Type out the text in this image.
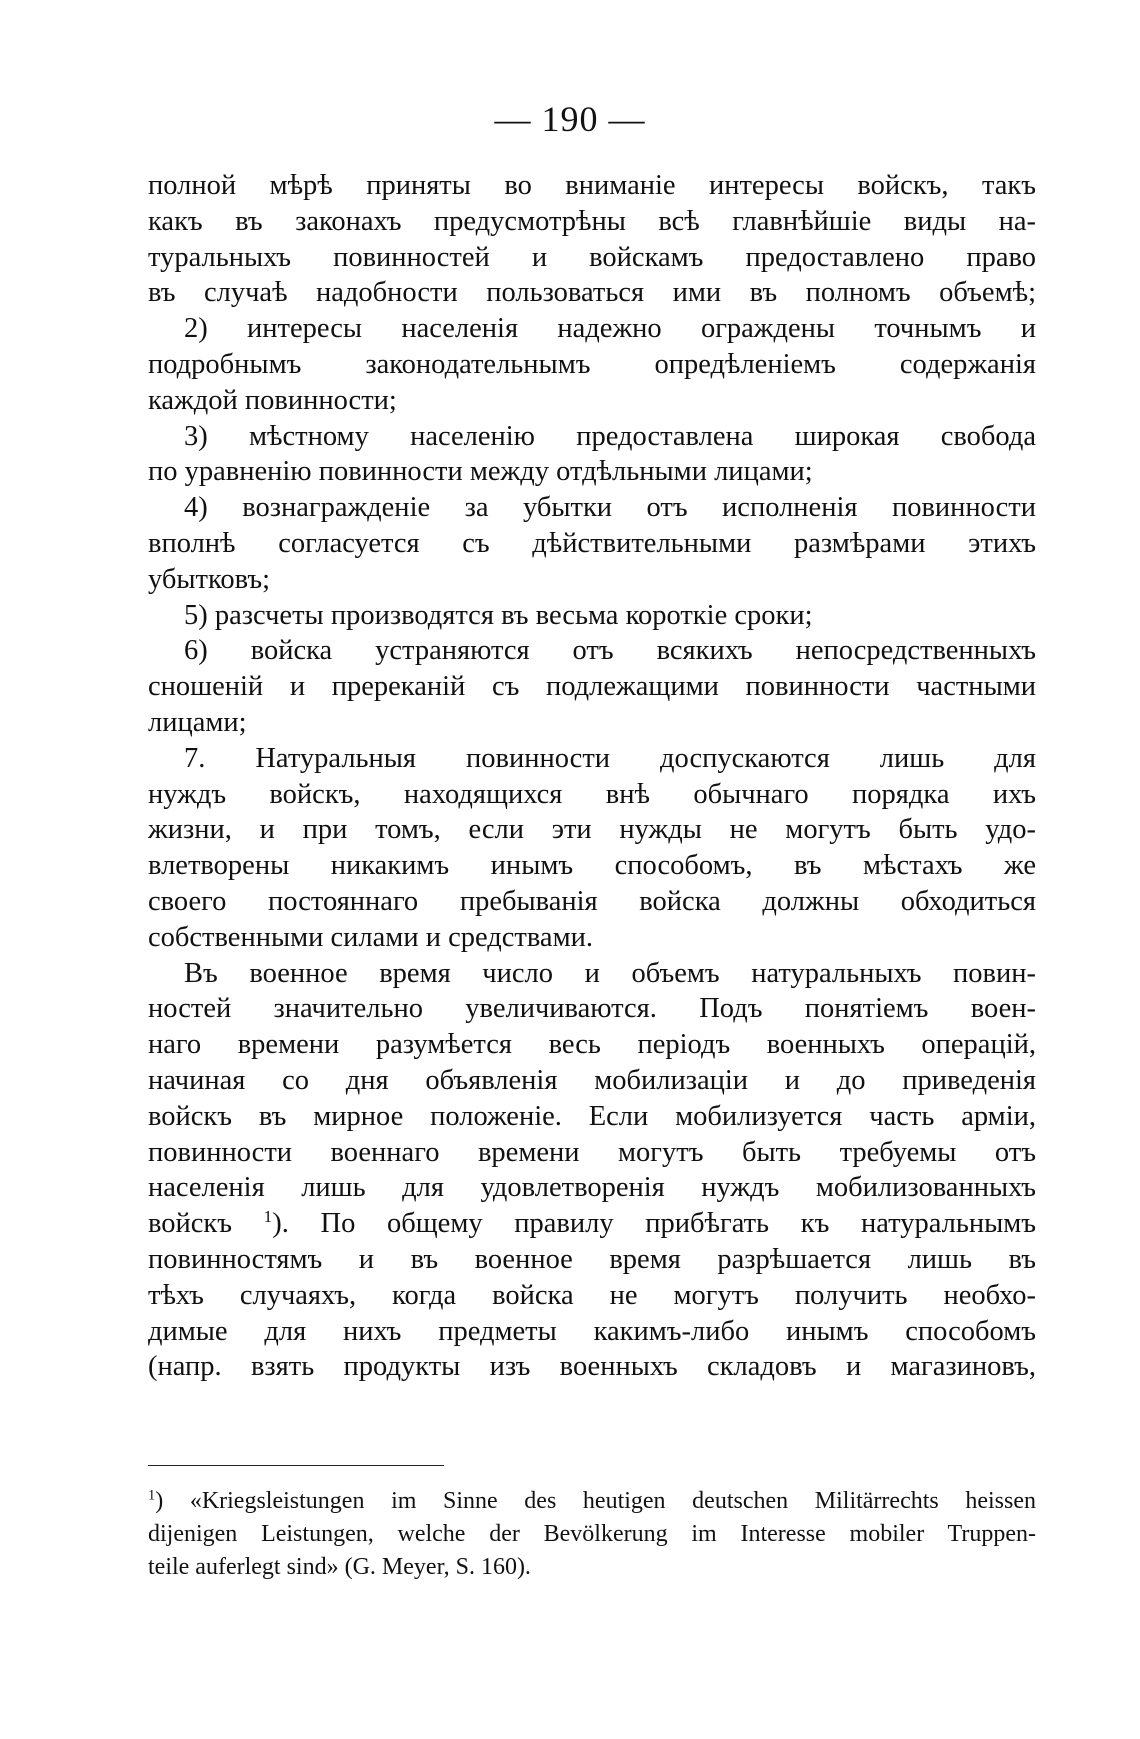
— 190 —
полной мѣрѣ приняты во вниманіе интересы войскъ, такъ
какъ въ законахъ предусмотрѣны всѣ главнѣйшіе виды на-
туральныхъ повинностей и войскамъ предоставлено право
въ случаѣ надобности пользоваться ими въ полномъ объемѣ;
2) интересы населенія надежно ограждены точнымъ и
подробнымъ законодательнымъ опредѣленіемъ содержанія
каждой повинности;
3) мѣстному населенію предоставлена широкая свобода
по уравненію повинности между отдѣльными лицами;
4) вознагражденіе за убытки отъ исполненія повинности
вполнѣ согласуется съ дѣйствительными размѣрами этихъ
убытковъ;
5) разсчеты производятся въ весьма короткіе сроки;
6) войска устраняются отъ всякихъ непосредственныхъ
сношеній и пререканій съ подлежащими повинности частными
лицами;
7. Натуральныя повинности доспускаются лишь для
нуждъ войскъ, находящихся внѣ обычнаго порядка ихъ
жизни, и при томъ, если эти нужды не могутъ быть удо-
влетворены никакимъ инымъ способомъ, въ мѣстахъ же
своего постояннаго пребыванія войска должны обходиться
собственными силами и средствами.
Въ военное время число и объемъ натуральныхъ повин-
ностей значительно увеличиваются. Подъ понятіемъ воен-
наго времени разумѣется весь періодъ военныхъ операцій,
начиная со дня объявленія мобилизаціи и до приведенія
войскъ въ мирное положеніе. Если мобилизуется часть арміи,
повинности военнаго времени могутъ быть требуемы отъ
населенія лишь для удовлетворенія нуждъ мобилизованныхъ
войскъ $^1$). По общему правилу прибѣгать къ натуральнымъ
повинностямъ и въ военное время разрѣшается лишь въ
тѣхъ случаяхъ, когда войска не могутъ получить необхо-
димые для нихъ предметы какимъ-либо инымъ способомъ
(напр. взять продукты изъ военныхъ складовъ и магазиновъ,
$^1$) «Kriegsleistungen im Sinne des heutigen deutschen Militärrechts heissen
dijenigen Leistungen, welche der Bevölkerung im Interesse mobiler Truppen-
teile auferlegt sind» (G. Meyer, S. 160).
